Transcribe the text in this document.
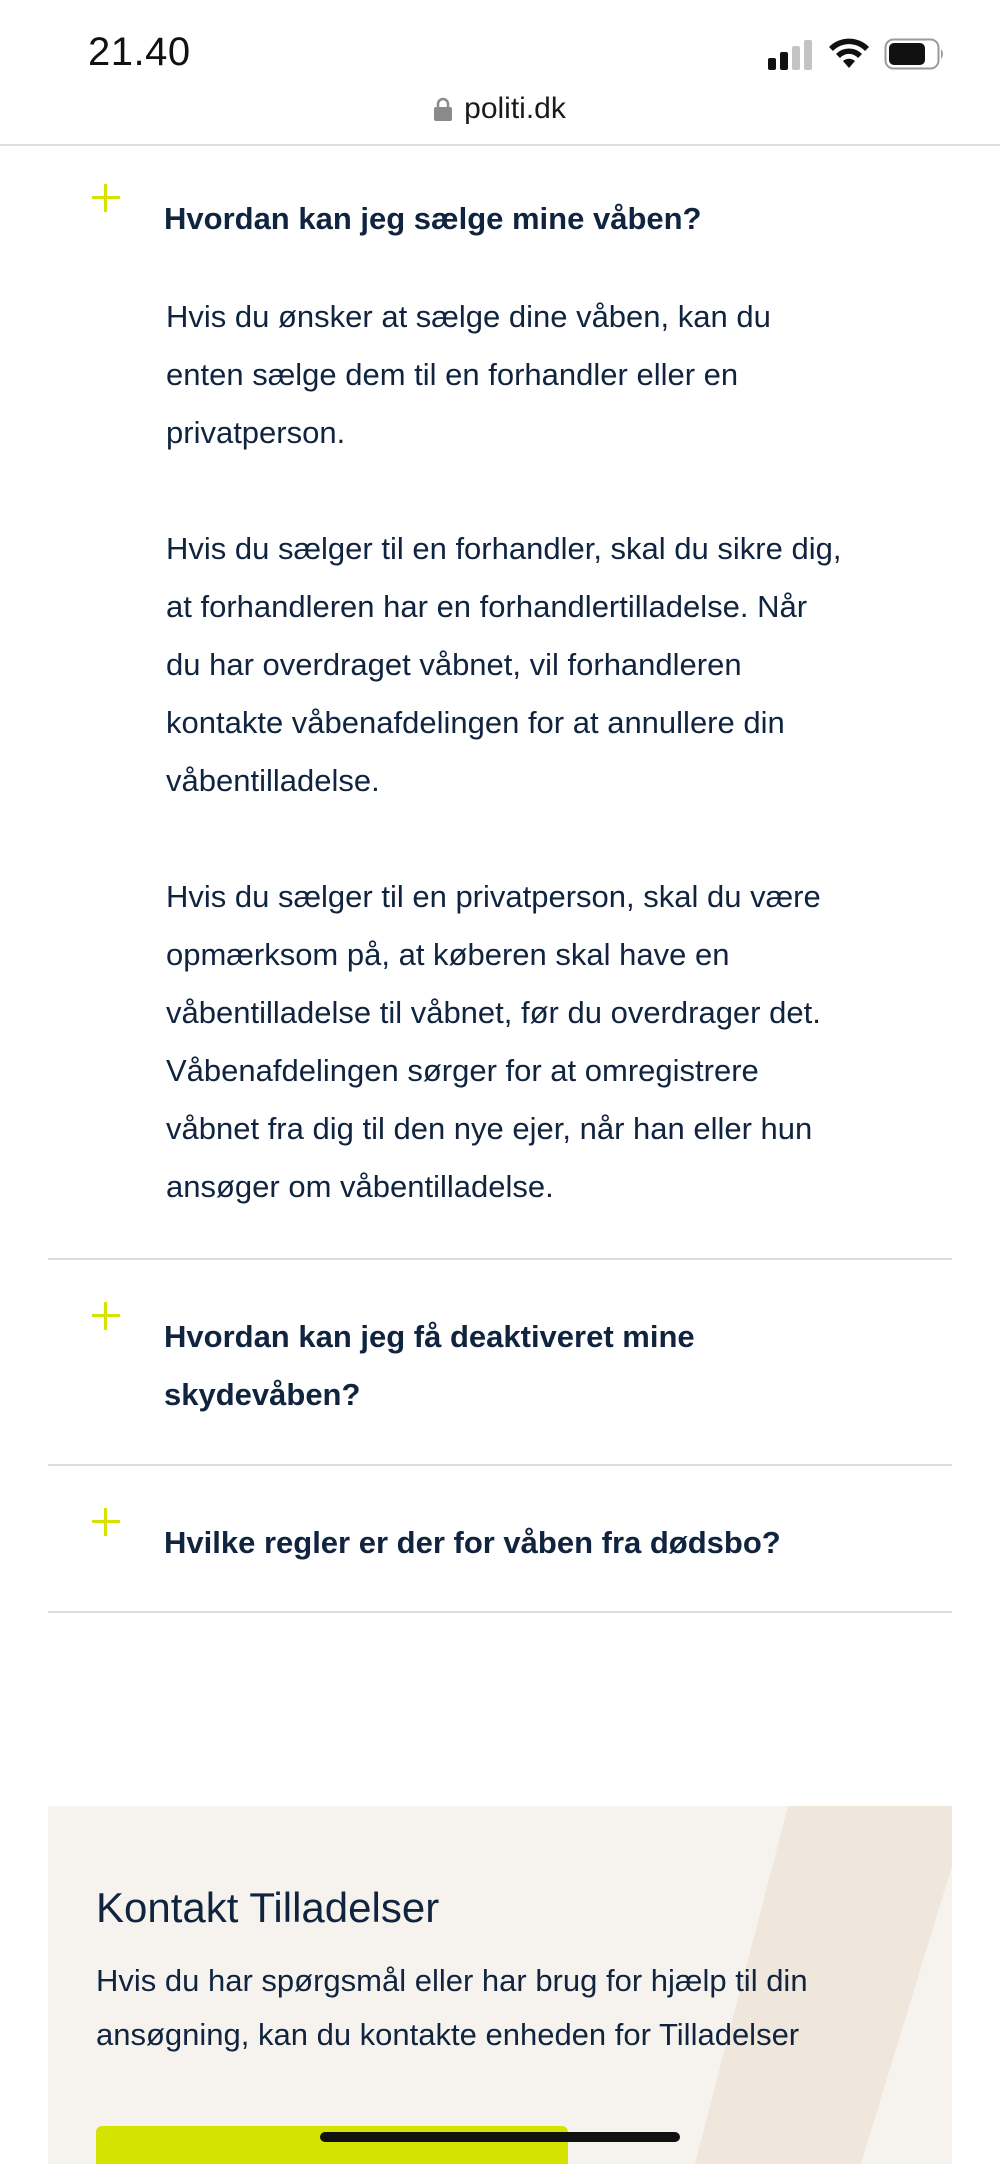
21.40
politi.dk
Hvordan kan jeg sælge mine våben?

Hvis du ønsker at sælge dine våben, kan du
enten sælge dem til en forhandler eller en
privatperson.

Hvis du sælger til en forhandler, skal du sikre dig,
at forhandleren har en forhandlertilladelse. Når
du har overdraget våbnet, vil forhandleren
kontakte våbenafdelingen for at annullere din
våbentilladelse.

Hvis du sælger til en privatperson, skal du være
opmærksom på, at køberen skal have en
våbentilladelse til våbnet, før du overdrager det.
Våbenafdelingen sørger for at omregistrere
våbnet fra dig til den nye ejer, når han eller hun
ansøger om våbentilladelse.

Hvordan kan jeg få deaktiveret mine
skydevåben?
Hvilke regler er der for våben fra dødsbo?
Kontakt Tilladelser
Hvis du har spørgsmål eller har brug for hjælp til din
ansøgning, kan du kontakte enheden for Tilladelser
